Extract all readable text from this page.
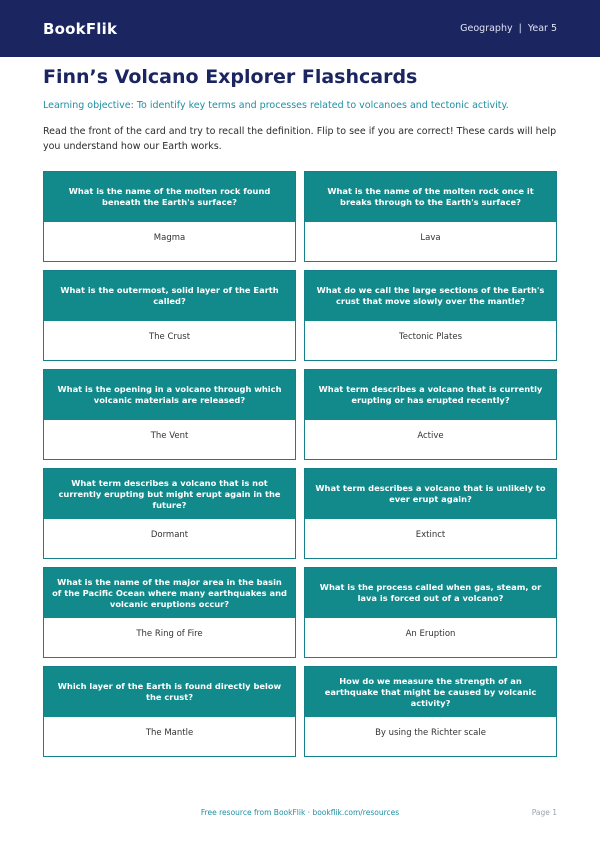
BookFlik	Geography | Year 5
Finn’s Volcano Explorer Flashcards

Learning objective: To identify key terms and processes related to volcanoes and tectonic activity.

Read the front of the card and try to recall the definition. Flip to see if you are correct! These cards will help you understand how our Earth works.

What is the name of the molten rock found beneath the Earth's surface?
Magma
What is the name of the molten rock once it breaks through to the Earth's surface?
Lava
What is the outermost, solid layer of the Earth called?
The Crust
What do we call the large sections of the Earth's crust that move slowly over the mantle?
Tectonic Plates
What is the opening in a volcano through which volcanic materials are released?
The Vent
What term describes a volcano that is currently erupting or has erupted recently?
Active
What term describes a volcano that is not currently erupting but might erupt again in the future?
Dormant
What term describes a volcano that is unlikely to ever erupt again?
Extinct
What is the name of the major area in the basin of the Pacific Ocean where many earthquakes and volcanic eruptions occur?
The Ring of Fire
What is the process called when gas, steam, or lava is forced out of a volcano?
An Eruption
Which layer of the Earth is found directly below the crust?
The Mantle
How do we measure the strength of an earthquake that might be caused by volcanic activity?
By using the Richter scale
Free resource from BookFlik · bookflik.com/resources	Page 1
